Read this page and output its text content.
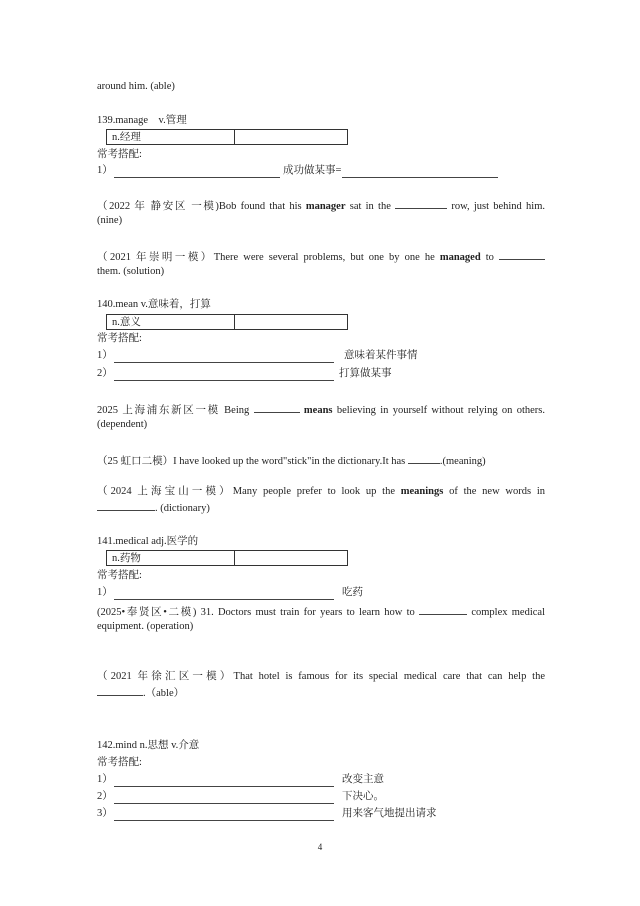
around him. (able)
139.manage　v.管理
n.经理
常考搭配:
1）	成功做某事=
（2022 年 静安区 一模)Bob found that his manager sat in the	row, just behind him.
(nine)
（2021 年崇明一模）There were several problems, but one by one he managed to
them. (solution)
140.mean v.意味着，打算
n.意义
常考搭配:
1）	意味着某件事情
2）	打算做某事
2025 上海浦东新区一模 Being	means believing in yourself without relying on others.
(dependent)
（25 虹口二模）I have looked up the word"stick"in the dictionary.It has	.(meaning)
（2024 上海宝山一模）Many people prefer to look up the meanings of the new words in
. (dictionary)
141.medical adj.医学的
n.药物
常考搭配:
1）	吃药
(2025•奉贤区•二模) 31. Doctors must train for years to learn how to	complex medical
equipment. (operation)
（2021 年徐汇区一模）That hotel is famous for its special medical care that can help the
.（able）
142.mind n.思想 v.介意
常考搭配:
1）	改变主意
2）	下决心。
3）	用来客气地提出请求
4
